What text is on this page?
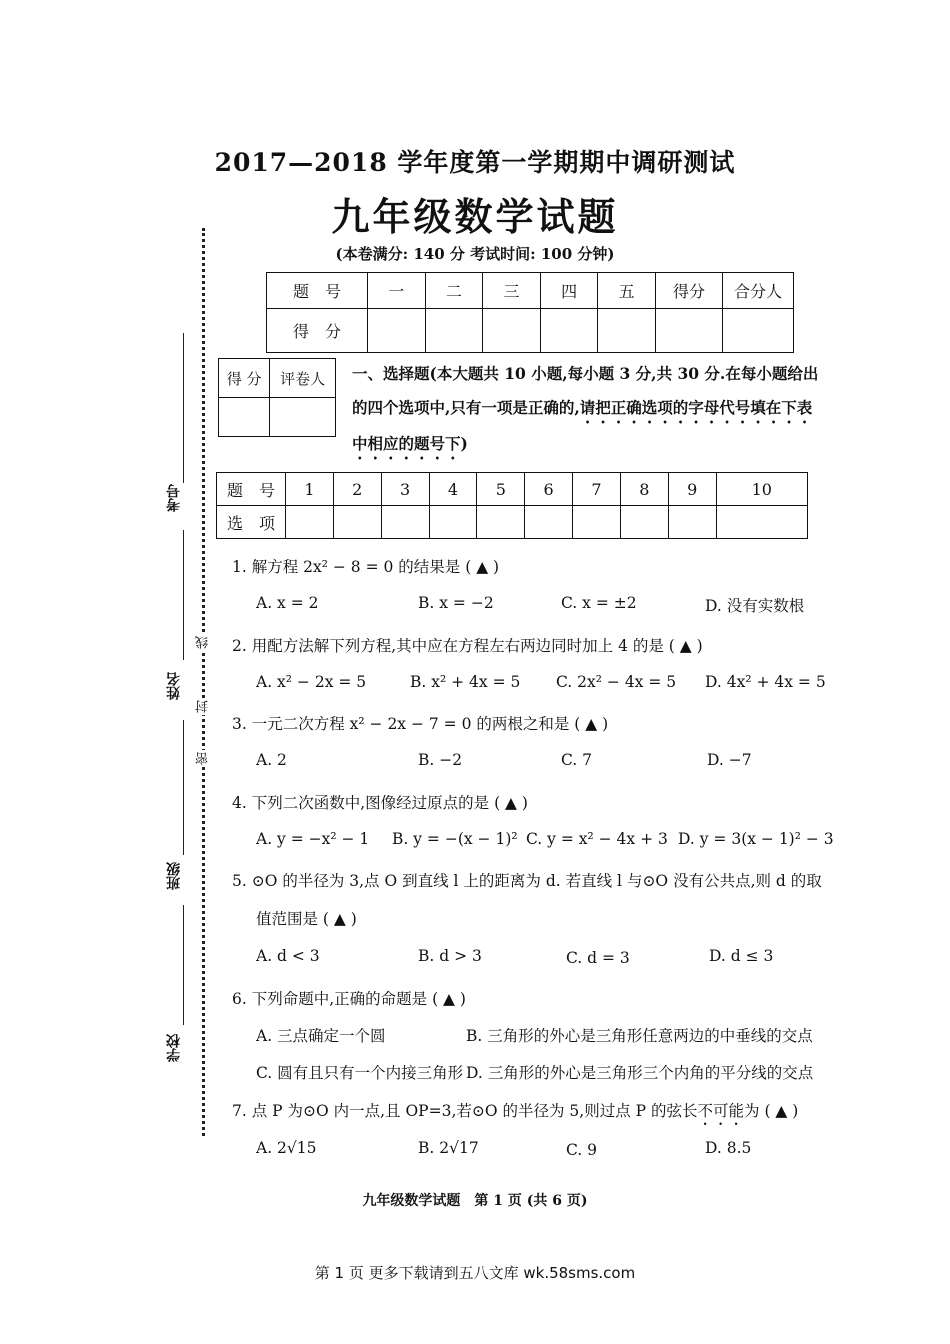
2017—2018 学年度第一学期期中调研测试
九年级数学试题
(本卷满分: 140 分 考试时间: 100 分钟)
题　号	一	二	三	四	五	得分	合分人
得　分							
得 分	评卷人
	一、选择题(本大题共 10 小题,每小题 3 分,共 30 分.在每小题给出
的四个选项中,只有一项是正确的,请把正确选项的字母代号填在下表
中相应的题号下)
题　号	1	2	3	4	5	6	7	8	9	10
选　项										
1. 解方程 2x² − 8 = 0 的结果是 ( ▲ )
A. x = 2	B. x = −2	C. x = ±2	D. 没有实数根
2. 用配方法解下列方程,其中应在方程左右两边同时加上 4 的是 ( ▲ )
A. x² − 2x = 5	B. x² + 4x = 5 C. 2x² − 4x = 5 D. 4x² + 4x = 5
3. 一元二次方程 x² − 2x − 7 = 0 的两根之和是 ( ▲ )
A. 2	B. −2	C. 7	D. −7
4. 下列二次函数中,图像经过原点的是 ( ▲ )
A. y = −x² − 1 B. y = −(x − 1)² C. y = x² − 4x + 3 D. y = 3(x − 1)² − 3
5. ⊙O 的半径为 3,点 O 到直线 l 上的距离为 d. 若直线 l 与⊙O 没有公共点,则 d 的取
值范围是 ( ▲ )
A. d < 3	B. d > 3	C. d = 3	D. d ≤ 3
6. 下列命题中,正确的命题是 ( ▲ )
A. 三点确定一个圆	B. 三角形的外心是三角形任意两边的中垂线的交点
C. 圆有且只有一个内接三角形 D. 三角形的外心是三角形三个内角的平分线的交点
7. 点 P 为⊙O 内一点,且 OP=3,若⊙O 的半径为 5,则过点 P 的弦长不可能为 ( ▲ )
A. 2√15	B. 2√17	C. 9	D. 8.5
线
封
密
考号
姓名
班级
学校
九年级数学试题　第 1 页 (共 6 页)
第 1 页 更多下载请到五八文库 wk.58sms.com
